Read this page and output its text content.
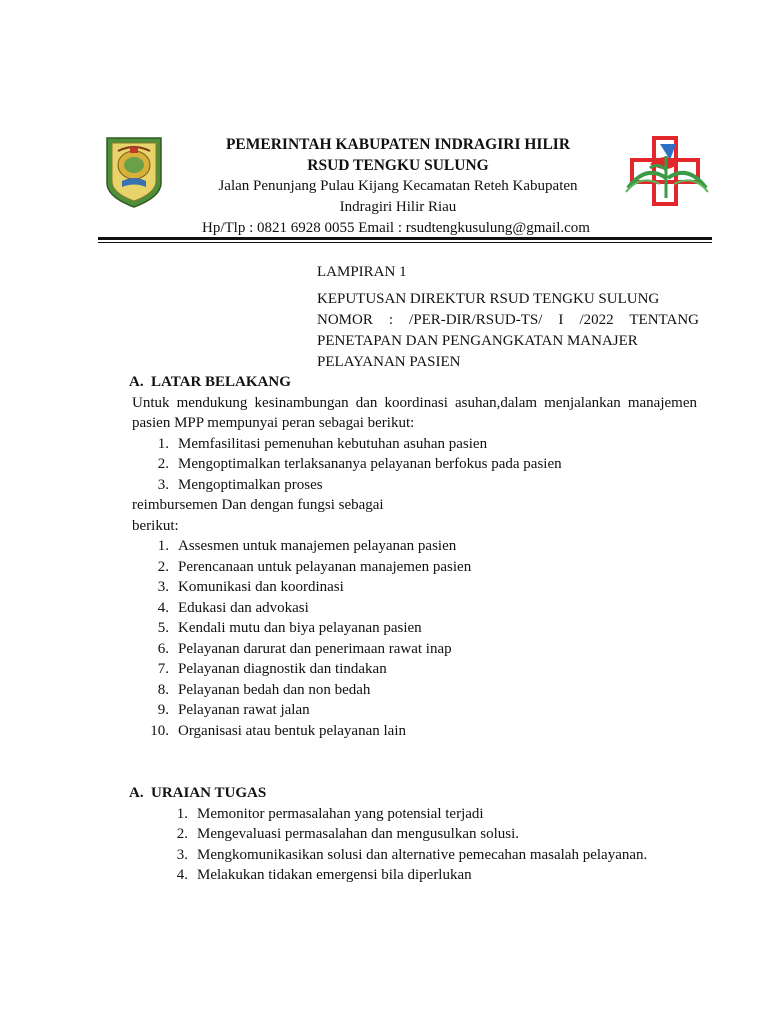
PEMERINTAH KABUPATEN INDRAGIRI HILIR
RSUD TENGKU SULUNG
Jalan Penunjang Pulau Kijang Kecamatan Reteh Kabupaten
Indragiri Hilir Riau
Hp/Tlp : 0821 6928 0055 Email : rsudtengkusulung@gmail.com
LAMPIRAN 1
KEPUTUSAN DIREKTUR RSUD TENGKU SULUNG
NOMOR  :  /PER-DIR/RSUD-TS/  I  /2022  TENTANG
PENETAPAN DAN PENGANGKATAN MANAJER
PELAYANAN PASIEN
A. LATAR BELAKANG
Untuk mendukung kesinambungan dan koordinasi asuhan,dalam menjalankan manajemen
pasien MPP mempunyai peran sebagai berikut:
1. Memfasilitasi pemenuhan kebutuhan asuhan pasien
2. Mengoptimalkan terlaksananya pelayanan berfokus pada pasien
3. Mengoptimalkan proses
reimbursemen Dan dengan fungsi sebagai
berikut:
1. Assesmen untuk manajemen pelayanan pasien
2. Perencanaan untuk pelayanan manajemen pasien
3. Komunikasi dan koordinasi
4. Edukasi dan advokasi
5. Kendali mutu dan biya pelayanan pasien
6. Pelayanan darurat dan penerimaan rawat inap
7. Pelayanan diagnostik dan tindakan
8. Pelayanan bedah dan non bedah
9. Pelayanan rawat jalan
10. Organisasi atau bentuk pelayanan lain
A. URAIAN TUGAS
1. Memonitor permasalahan yang potensial terjadi
2. Mengevaluasi permasalahan dan mengusulkan solusi.
3. Mengkomunikasikan solusi dan alternative pemecahan masalah pelayanan.
4. Melakukan tidakan emergensi bila diperlukan
